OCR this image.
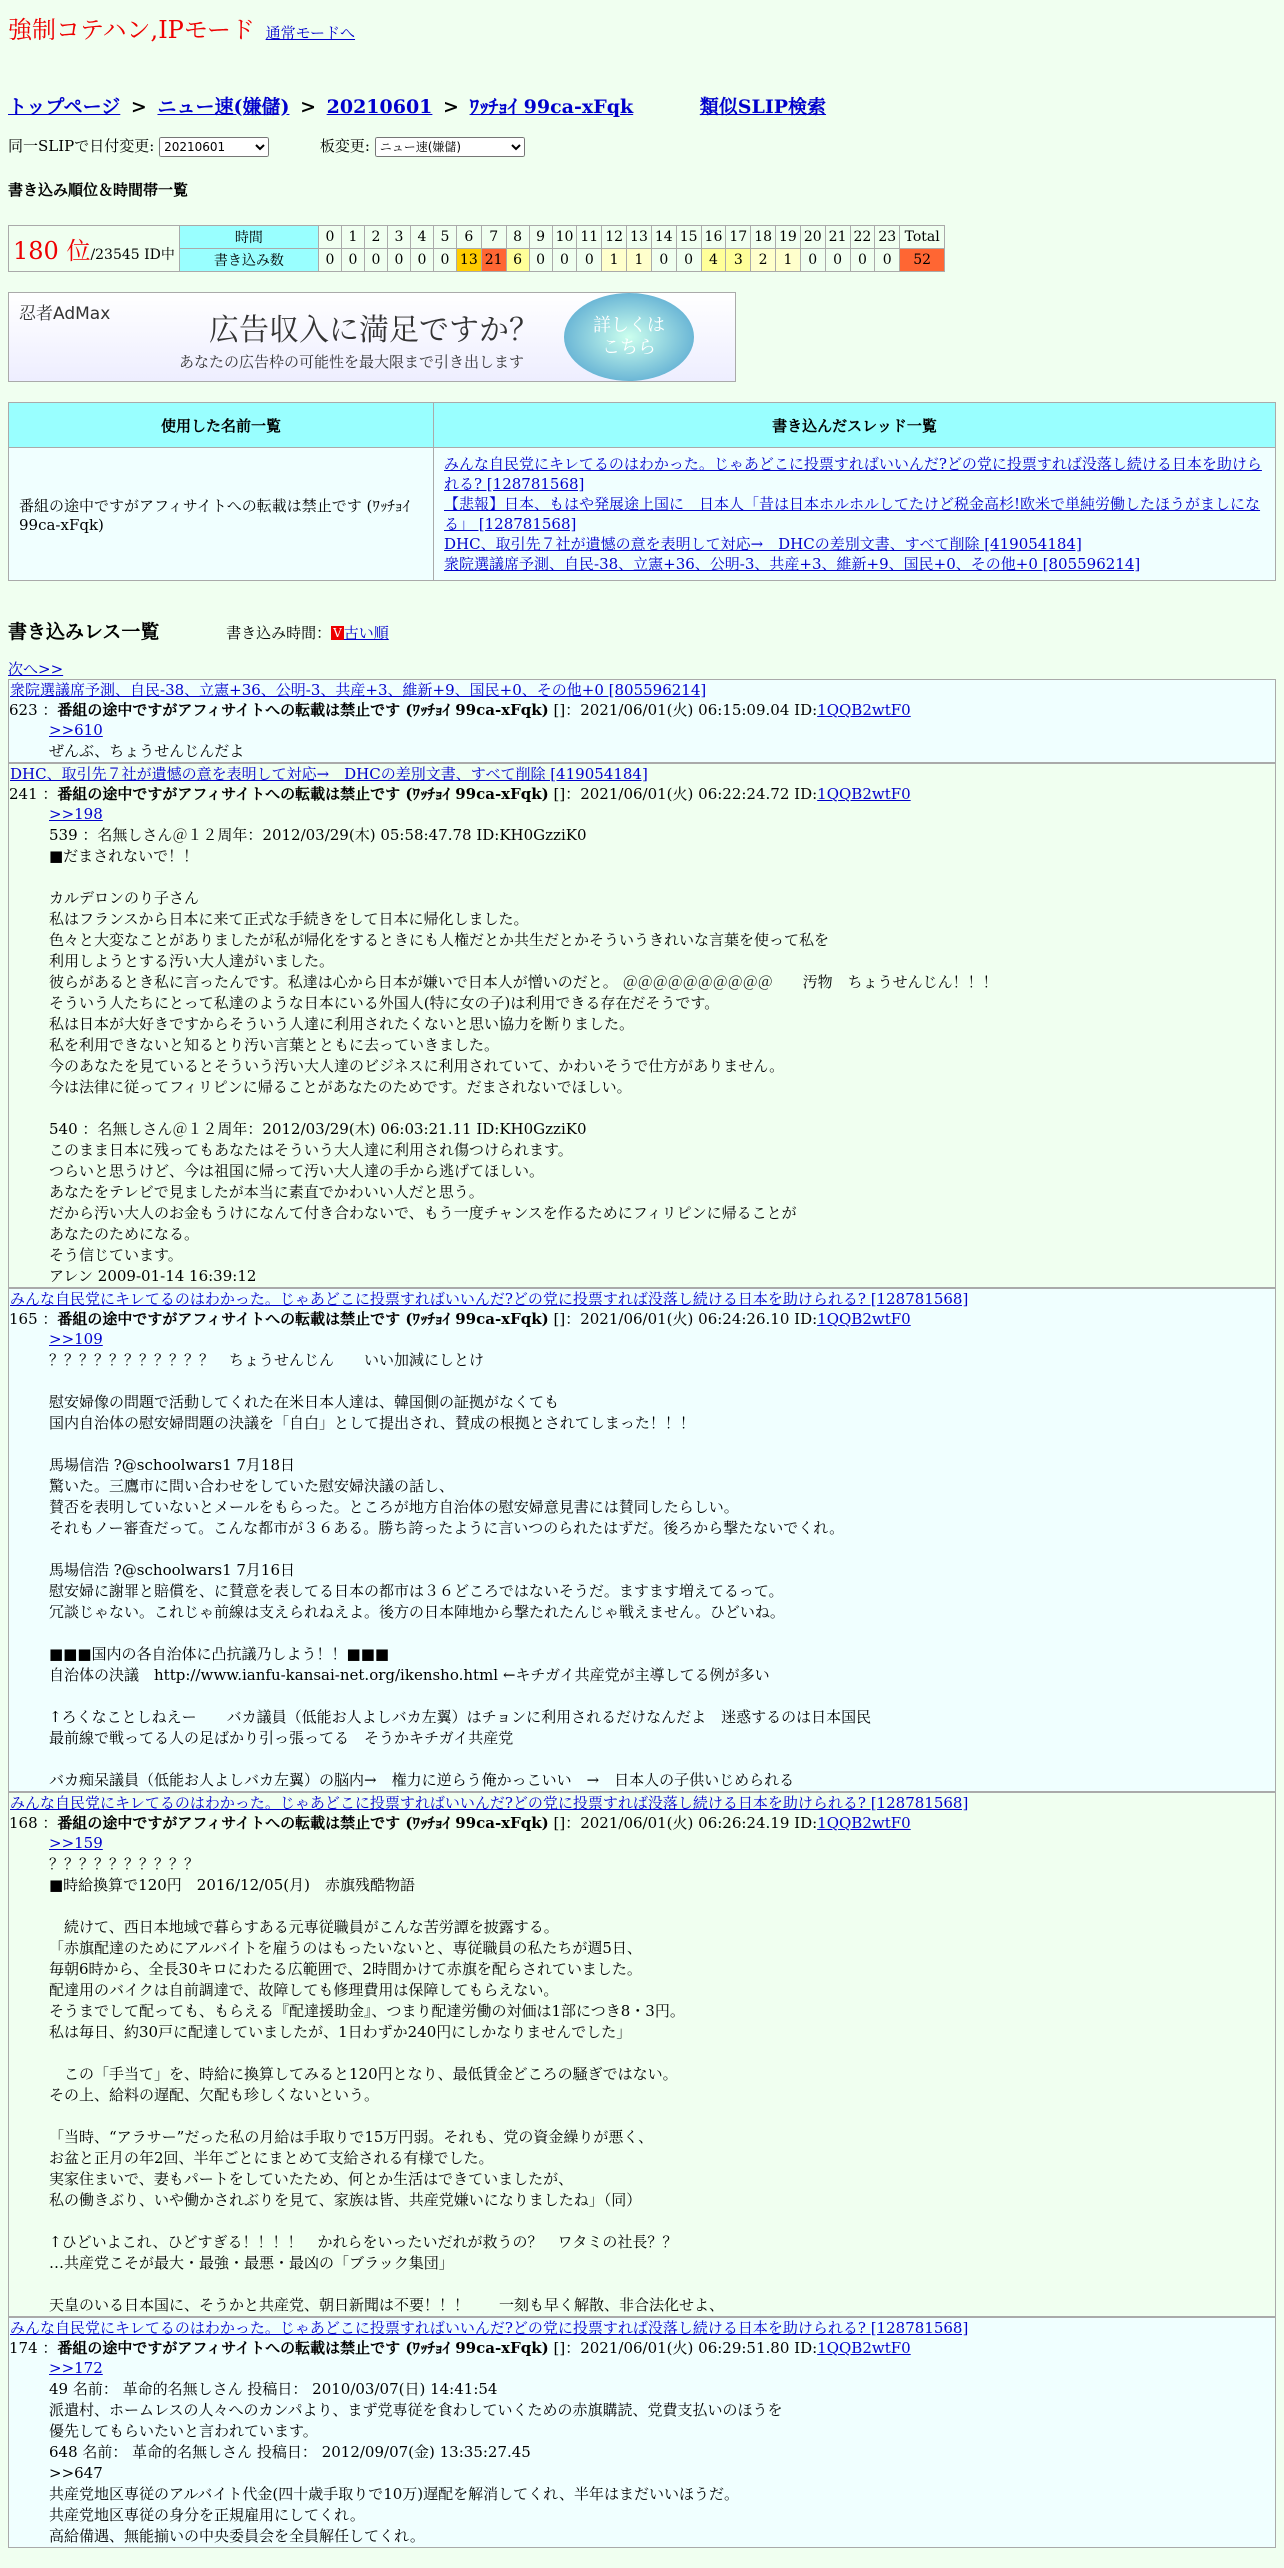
強制コテハン,IPモード 通常モードへ
トップページ > ニュー速(嫌儲) > 20210601 > ﾜｯﾁｮｲ 99ca-xFqk	類似SLIP検索
同一SLIPで日付変更:
20210601	板変更:
ニュー速(嫌儲)
書き込み順位＆時間帯一覧
180 位/23545 ID中	時間	0	1	2	3	4	5	6	7	8	9	10	11	12	13	14	15	16	17	18	19	20	21	22	23	Total
	書き込み数	0	0	0	0	0	0	13	21	6	0	0	0	1	1	0	0	4	3	2	1	0	0	0	0	52
忍者AdMax	広告収入に満足ですか？
あなたの広告枠の可能性を最大限まで引き出します
詳しくは
こちら
使用した名前一覧	書き込んだスレッド一覧
番組の途中ですがアフィサイトへの転載は禁止です (ﾜｯﾁｮｲ 99ca-xFqk)	みんな自民党にキレてるのはわかった。じゃあどこに投票すればいいんだ?どの党に投票すれば没落し続ける日本を助けられる? [128781568]
【悲報】日本、もはや発展途上国に　日本人「昔は日本ホルホルしてたけど税金高杉!欧米で単純労働したほうがましになる」 [128781568]
DHC、取引先７社が遺憾の意を表明して対応→　DHCの差別文書、すべて削除 [419054184]
衆院選議席予測、自民-38、立憲+36、公明-3、共産+3、維新+9、国民+0、その他+0 [805596214]
書き込みレス一覧	書き込み時間： V 古い順
次へ>>
衆院選議席予測、自民-38、立憲+36、公明-3、共産+3、維新+9、国民+0、その他+0 [805596214]
623 ：番組の途中ですがアフィサイトへの転載は禁止です (ﾜｯﾁｮｲ 99ca-xFqk) []：2021/06/01(火) 06:15:09.04 ID:1QQB2wtF0
>>610
ぜんぶ、ちょうせんじんだよ
DHC、取引先７社が遺憾の意を表明して対応→　DHCの差別文書、すべて削除 [419054184]
241 ：番組の途中ですがアフィサイトへの転載は禁止です (ﾜｯﾁｮｲ 99ca-xFqk) []：2021/06/01(火) 06:22:24.72 ID:1QQB2wtF0
>>198
539 ：名無しさん＠１２周年：2012/03/29(木) 05:58:47.78 ID:KH0GzziK0
■だまされないで！！

カルデロンのり子さん
私はフランスから日本に来て正式な手続きをして日本に帰化しました。
色々と大変なことがありましたが私が帰化をするときにも人権だとか共生だとかそういうきれいな言葉を使って私を
利用しようとする汚い大人達がいました。
彼らがあるとき私に言ったんです。私達は心から日本が嫌いで日本人が憎いのだと。 ＠＠＠＠＠＠＠＠＠＠　　汚物　ちょうせんじん！！！
そういう人たちにとって私達のような日本にいる外国人(特に女の子)は利用できる存在だそうです。
私は日本が大好きですからそういう人達に利用されたくないと思い協力を断りました。
私を利用できないと知るとり汚い言葉とともに去っていきました。
今のあなたを見ているとそういう汚い大人達のビジネスに利用されていて、かわいそうで仕方がありません。
今は法律に従ってフィリピンに帰ることがあなたのためです。だまされないでほしい。

540 ：名無しさん＠１２周年：2012/03/29(木) 06:03:21.11 ID:KH0GzziK0
このまま日本に残ってもあなたはそういう大人達に利用され傷つけられます。
つらいと思うけど、今は祖国に帰って汚い大人達の手から逃げてほしい。
あなたをテレビで見ましたが本当に素直でかわいい人だと思う。
だから汚い大人のお金もうけになんて付き合わないで、もう一度チャンスを作るためにフィリピンに帰ることが
あなたのためになる。
そう信じています。
アレン 2009-01-14 16:39:12
みんな自民党にキレてるのはわかった。じゃあどこに投票すればいいんだ?どの党に投票すれば没落し続ける日本を助けられる? [128781568]
165 ：番組の途中ですがアフィサイトへの転載は禁止です (ﾜｯﾁｮｲ 99ca-xFqk) []：2021/06/01(火) 06:24:26.10 ID:1QQB2wtF0
>>109
？？？？？？？？？？？　ちょうせんじん　　いい加減にしとけ

慰安婦像の問題で活動してくれた在米日本人達は、韓国側の証拠がなくても
国内自治体の慰安婦問題の決議を「自白」として提出され、賛成の根拠とされてしまった！！！

馬場信浩 ?@schoolwars1 7月18日
驚いた。三鷹市に問い合わせをしていた慰安婦決議の話し、
賛否を表明していないとメールをもらった。ところが地方自治体の慰安婦意見書には賛同したらしい。
それもノー審査だって。こんな都市が３６ある。勝ち誇ったように言いつのられたはずだ。後ろから撃たないでくれ。

馬場信浩 ?@schoolwars1 7月16日
慰安婦に謝罪と賠償を、に賛意を表してる日本の都市は３６どころではないそうだ。ますます増えてるって。
冗談じゃない。これじゃ前線は支えられねえよ。後方の日本陣地から撃たれたんじゃ戦えません。ひどいね。

■■■国内の各自治体に凸抗議乃しよう！！■■■
自治体の決議　http://www.ianfu-kansai-net.org/ikensho.html ←キチガイ共産党が主導してる例が多い

↑ろくなことしねえー　　バカ議員（低能お人よしバカ左翼）はチョンに利用されるだけなんだよ　迷惑するのは日本国民
最前線で戦ってる人の足ばかり引っ張ってる　そうかキチガイ共産党

バカ痴呆議員（低能お人よしバカ左翼）の脳内→　権力に逆らう俺かっこいい　→　日本人の子供いじめられる
みんな自民党にキレてるのはわかった。じゃあどこに投票すればいいんだ?どの党に投票すれば没落し続ける日本を助けられる? [128781568]
168 ：番組の途中ですがアフィサイトへの転載は禁止です (ﾜｯﾁｮｲ 99ca-xFqk) []：2021/06/01(火) 06:26:24.19 ID:1QQB2wtF0
>>159
？？？？？？？？？？
■時給換算で120円　2016/12/05(月)　赤旗残酷物語

　続けて、西日本地域で暮らすある元専従職員がこんな苦労譚を披露する。
「赤旗配達のためにアルバイトを雇うのはもったいないと、専従職員の私たちが週5日、
毎朝6時から、全長30キロにわたる広範囲で、2時間かけて赤旗を配らされていました。
配達用のバイクは自前調達で、故障しても修理費用は保障してもらえない。
そうまでして配っても、もらえる『配達援助金』、つまり配達労働の対価は1部につき8・3円。
私は毎日、約30戸に配達していましたが、1日わずか240円にしかなりませんでした」

　この「手当て」を、時給に換算してみると120円となり、最低賃金どころの騒ぎではない。
その上、給料の遅配、欠配も珍しくないという。

「当時、“アラサー”だった私の月給は手取りで15万円弱。それも、党の資金繰りが悪く、
お盆と正月の年2回、半年ごとにまとめて支給される有様でした。
実家住まいで、妻もパートをしていたため、何とか生活はできていましたが、
私の働きぶり、いや働かされぶりを見て、家族は皆、共産党嫌いになりましたね」（同）

↑ひどいよこれ、ひどすぎる！！！！　かれらをいったいだれが救うの？　ワタミの社長？？
…共産党こそが最大・最強・最悪・最凶の「ブラック集団」

天皇のいる日本国に、そうかと共産党、朝日新聞は不要！！！　　一刻も早く解散、非合法化せよ、
みんな自民党にキレてるのはわかった。じゃあどこに投票すればいいんだ?どの党に投票すれば没落し続ける日本を助けられる? [128781568]
174 ：番組の途中ですがアフィサイトへの転載は禁止です (ﾜｯﾁｮｲ 99ca-xFqk) []：2021/06/01(火) 06:29:51.80 ID:1QQB2wtF0
>>172
49 名前： 革命的名無しさん 投稿日： 2010/03/07(日) 14:41:54
派遣村、ホームレスの人々へのカンパより、まず党専従を食わしていくための赤旗購読、党費支払いのほうを
優先してもらいたいと言われています。
648 名前： 革命的名無しさん 投稿日： 2012/09/07(金) 13:35:27.45
>>647
共産党地区専従のアルバイト代金(四十歳手取りで10万)遅配を解消してくれ、半年はまだいいほうだ。
共産党地区専従の身分を正規雇用にしてくれ。
高給備遇、無能揃いの中央委員会を全員解任してくれ。
